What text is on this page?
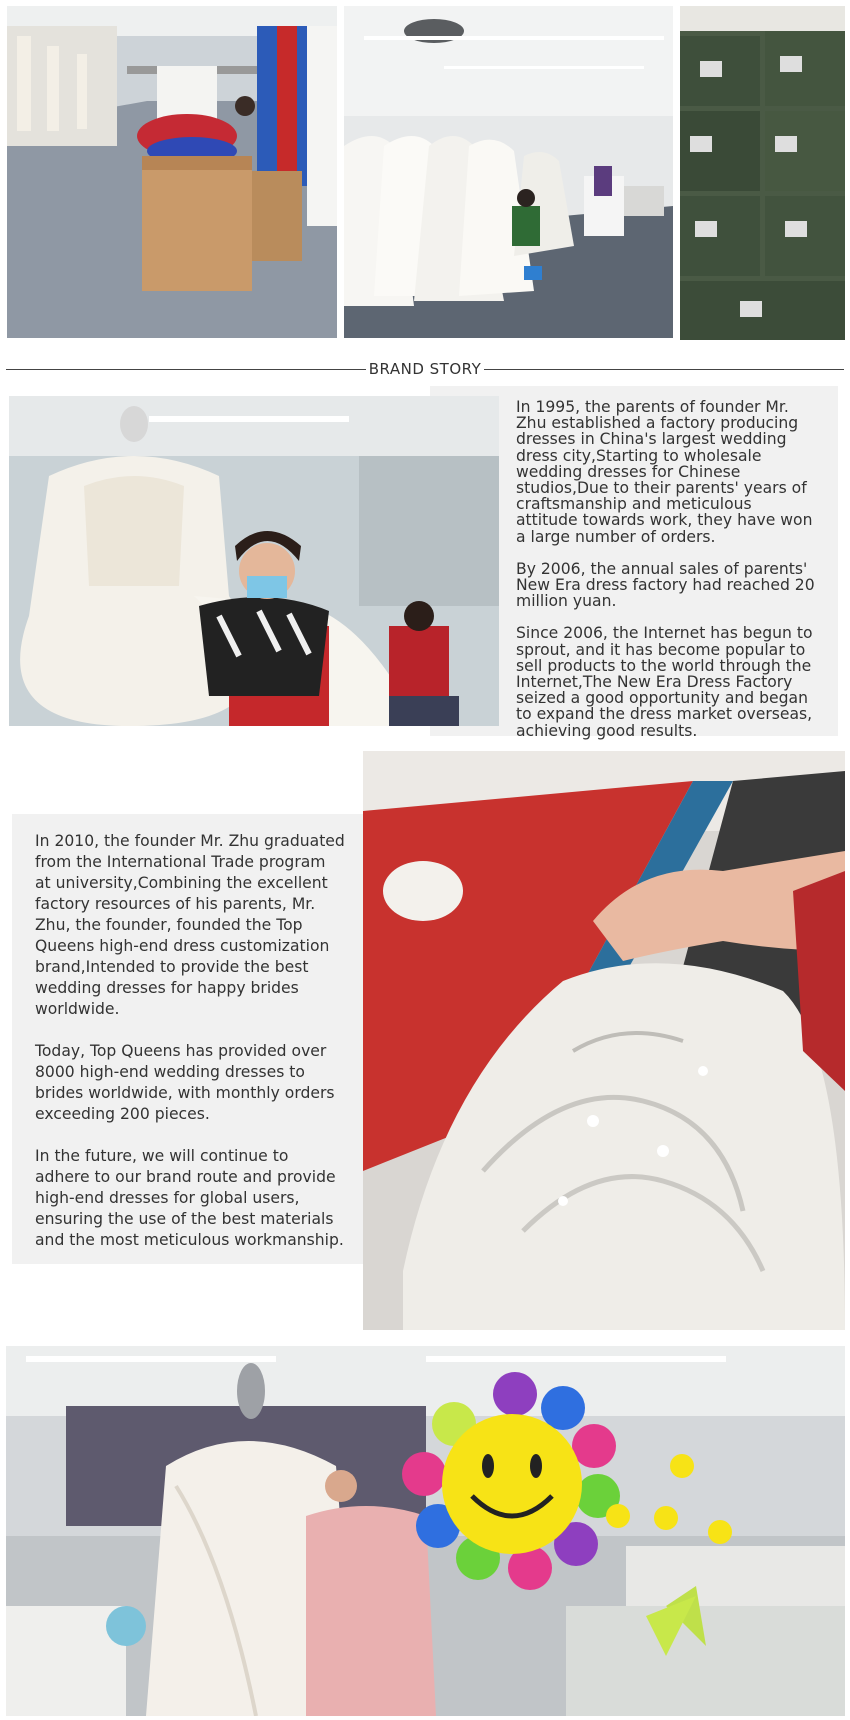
BRAND STORY

In 1995, the parents of founder Mr. Zhu established a factory producing dresses in China's largest wedding dress city,Starting to wholesale wedding dresses for Chinese studios,Due to their parents' years of craftsmanship and meticulous attitude towards work, they have won a large number of orders.

By 2006, the annual sales of parents' New Era dress factory had reached 20 million yuan.

Since 2006, the Internet has begun to sprout, and it has become popular to sell products to the world through the Internet,The New Era Dress Factory seized a good opportunity and began to expand the dress market overseas, achieving good results.

In 2010, the founder Mr. Zhu graduated from the International Trade program at university,Combining the excellent factory resources of his parents, Mr. Zhu, the founder, founded the Top Queens high-end dress customization brand,Intended to provide the best wedding dresses for happy brides worldwide.

Today, Top Queens has provided over 8000 high-end wedding dresses to brides worldwide, with monthly orders exceeding 200 pieces.

In the future, we will continue to adhere to our brand route and provide high-end dresses for global users, ensuring the use of the best materials and the most meticulous workmanship.
